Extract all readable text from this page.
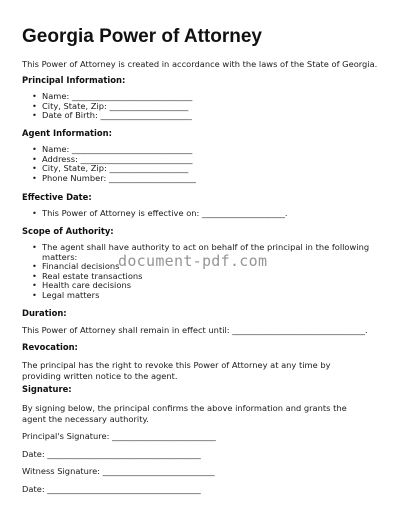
Georgia Power of Attorney

This Power of Attorney is created in accordance with the laws of the State of Georgia.

Principal Information:

• Name: _____________________________
• City, State, Zip: ___________________
• Date of Birth: ______________________

Agent Information:

• Name: _____________________________
• Address: ___________________________
• City, State, Zip: ___________________
• Phone Number: _____________________

Effective Date:

• This Power of Attorney is effective on: ____________________.

Scope of Authority:

• The agent shall have authority to act on behalf of the principal in the following matters:
• Financial decisions
• Real estate transactions
• Health care decisions
• Legal matters
document-pdf.com

Duration:

This Power of Attorney shall remain in effect until: ________________________________.

Revocation:

The principal has the right to revoke this Power of Attorney at any time by providing written notice to the agent.

Signature:

By signing below, the principal confirms the above information and grants the agent the necessary authority.

Principal's Signature: _________________________

Date: _____________________________________

Witness Signature: ___________________________

Date: _____________________________________
